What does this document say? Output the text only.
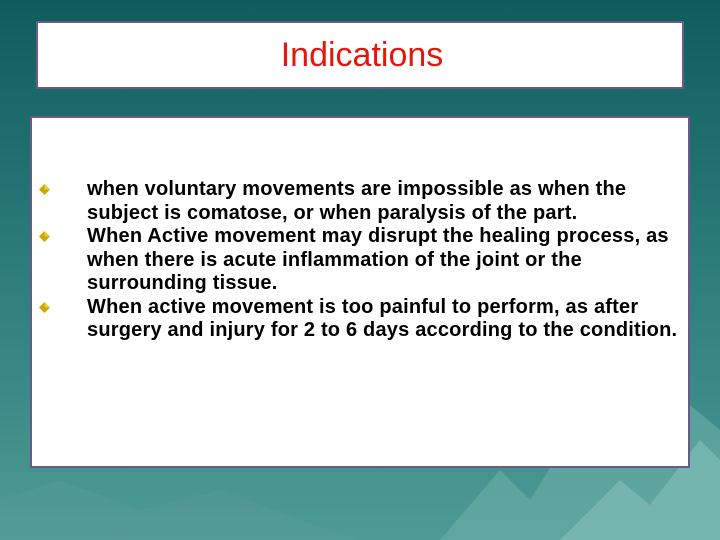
Indications
when voluntary movements are impossible as when the subject is comatose, or when paralysis of the part.
When Active movement may disrupt the healing process, as when there is acute inflammation of the joint or the surrounding tissue.
When active movement is too painful to perform, as after surgery and injury for 2 to 6 days according to the condition.
